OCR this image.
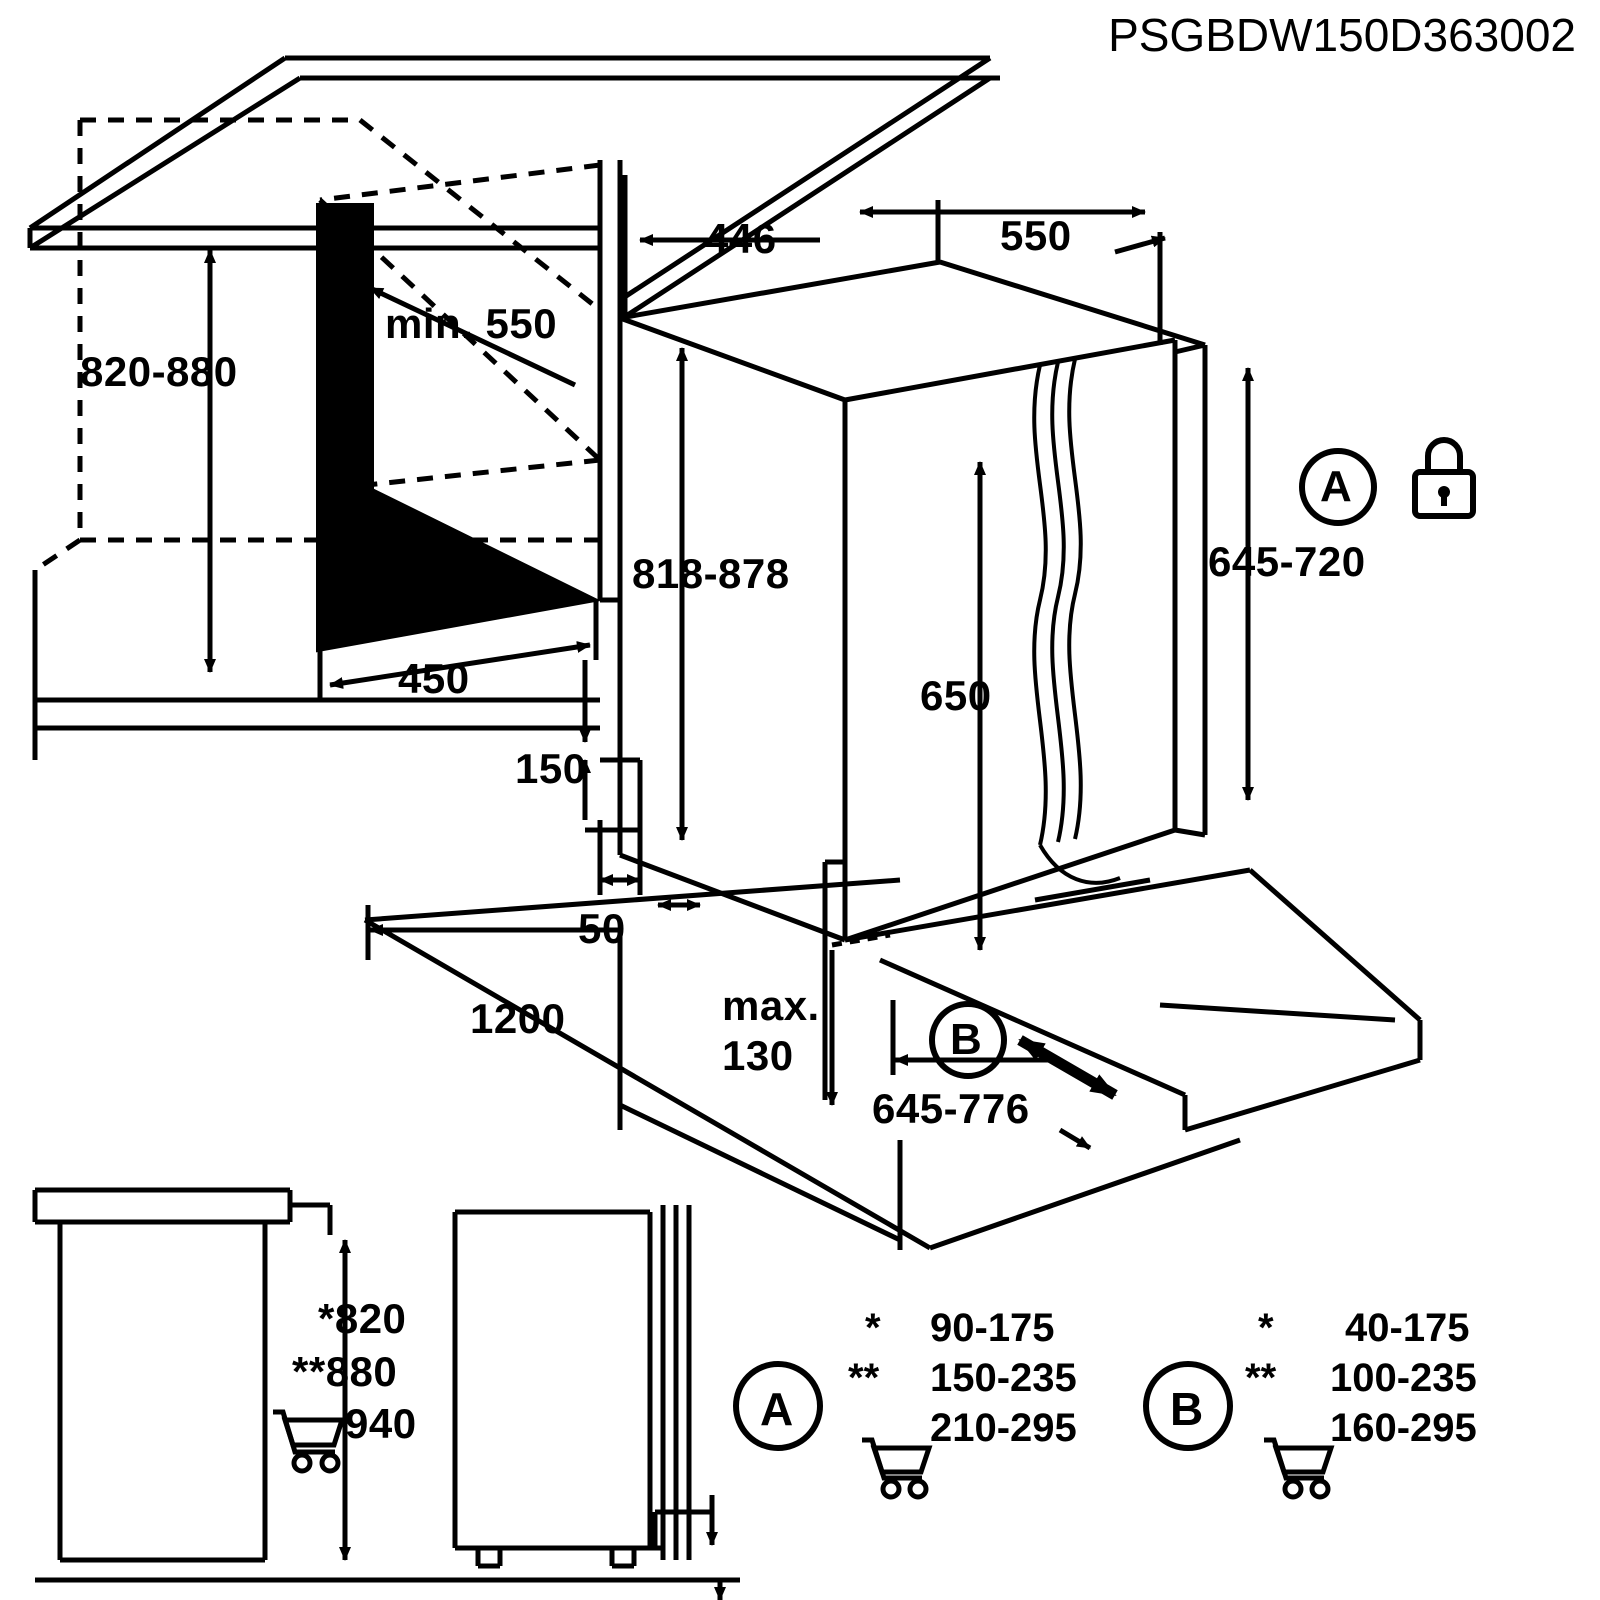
PSGBDW150D363002
820-880
min. 550
446	550
818-878	645-720
650
450
150
50
1200	max.
130
645-776
A
B
*820
**880
940	A
* 90-175
** 150-235
210-295 B
* 40-175
** 100-235
160-295
